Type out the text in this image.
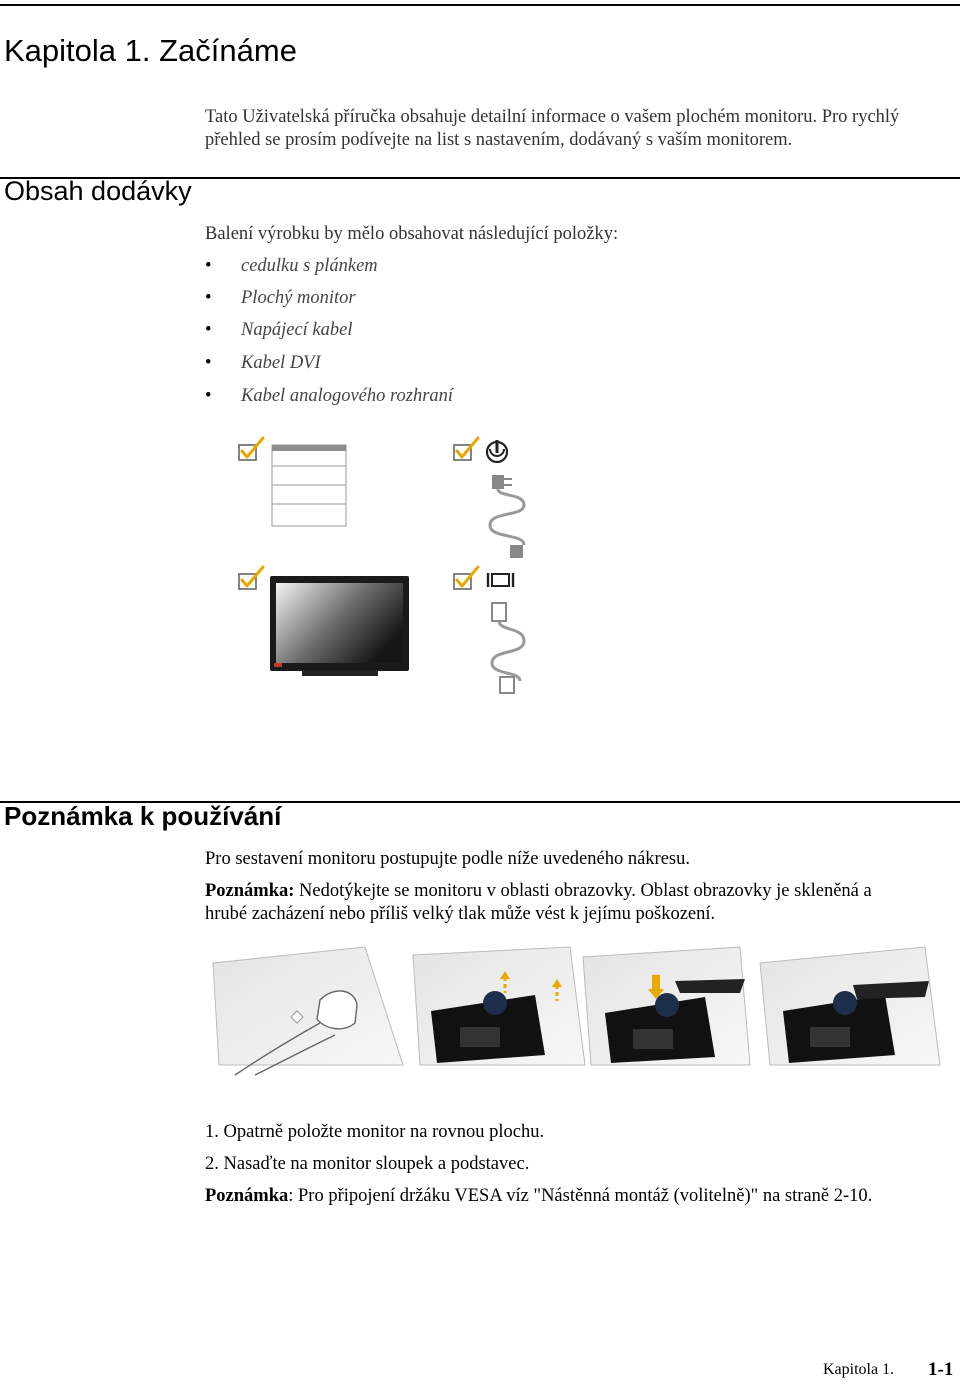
Kapitola 1. Začínáme

Tato Uživatelská příručka obsahuje detailní informace o vašem plochém monitoru. Pro rychlý

přehled se prosím podívejte na list s nastavením, dodávaný s vaším monitorem.

Obsah dodávky

Balení výrobku by mělo obsahovat následující položky:

• cedulku s plánkem
• Plochý monitor
• Napájecí kabel
• Kabel DVI
• Kabel analogového rozhraní
Poznámka k používání

Pro sestavení monitoru postupujte podle níže uvedeného nákresu.

Poznámka: Nedotýkejte se monitoru v oblasti obrazovky. Oblast obrazovky je skleněná a

hrubé zacházení nebo příliš velký tlak může vést k jejímu poškození.

1. Opatrně položte monitor na rovnou plochu.

2. Nasaďte na monitor sloupek a podstavec.

Poznámka: Pro připojení držáku VESA víz "Nástěnná montáž (volitelně)" na straně 2-10.

Kapitola 1. 1-1
